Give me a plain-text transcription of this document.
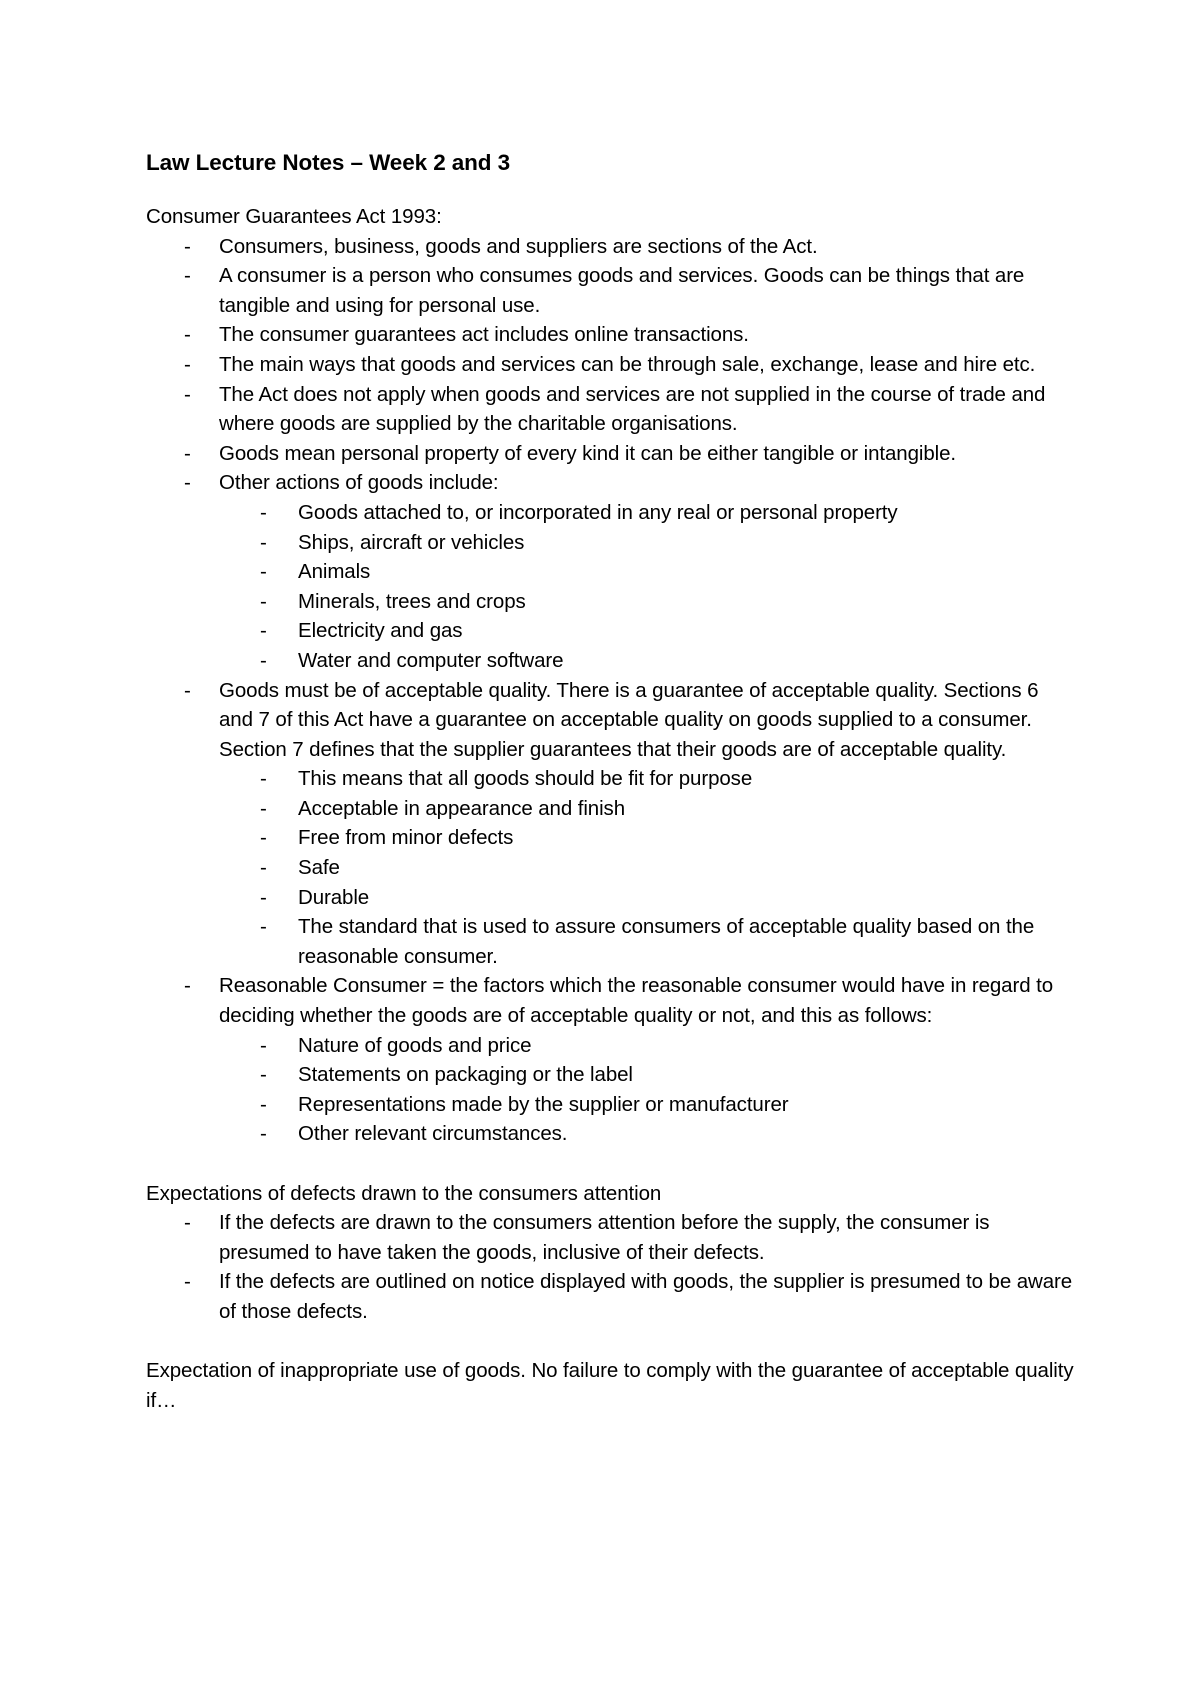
Law Lecture Notes – Week 2 and 3
Consumer Guarantees Act 1993:
- Consumers, business, goods and suppliers are sections of the Act.
- A consumer is a person who consumes goods and services. Goods can be things that are tangible and using for personal use.
- The consumer guarantees act includes online transactions.
- The main ways that goods and services can be through sale, exchange, lease and hire etc.
- The Act does not apply when goods and services are not supplied in the course of trade and where goods are supplied by the charitable organisations.
- Goods mean personal property of every kind it can be either tangible or intangible.
- Other actions of goods include:
- Goods attached to, or incorporated in any real or personal property
- Ships, aircraft or vehicles
- Animals
- Minerals, trees and crops
- Electricity and gas
- Water and computer software
- Goods must be of acceptable quality. There is a guarantee of acceptable quality. Sections 6 and 7 of this Act have a guarantee on acceptable quality on goods supplied to a consumer. Section 7 defines that the supplier guarantees that their goods are of acceptable quality.
- This means that all goods should be fit for purpose
- Acceptable in appearance and finish
- Free from minor defects
- Safe
- Durable
- The standard that is used to assure consumers of acceptable quality based on the reasonable consumer.
- Reasonable Consumer = the factors which the reasonable consumer would have in regard to deciding whether the goods are of acceptable quality or not, and this as follows:
- Nature of goods and price
- Statements on packaging or the label
- Representations made by the supplier or manufacturer
- Other relevant circumstances.
Expectations of defects drawn to the consumers attention
- If the defects are drawn to the consumers attention before the supply, the consumer is presumed to have taken the goods, inclusive of their defects.
- If the defects are outlined on notice displayed with goods, the supplier is presumed to be aware of those defects.
Expectation of inappropriate use of goods. No failure to comply with the guarantee of acceptable quality if…
